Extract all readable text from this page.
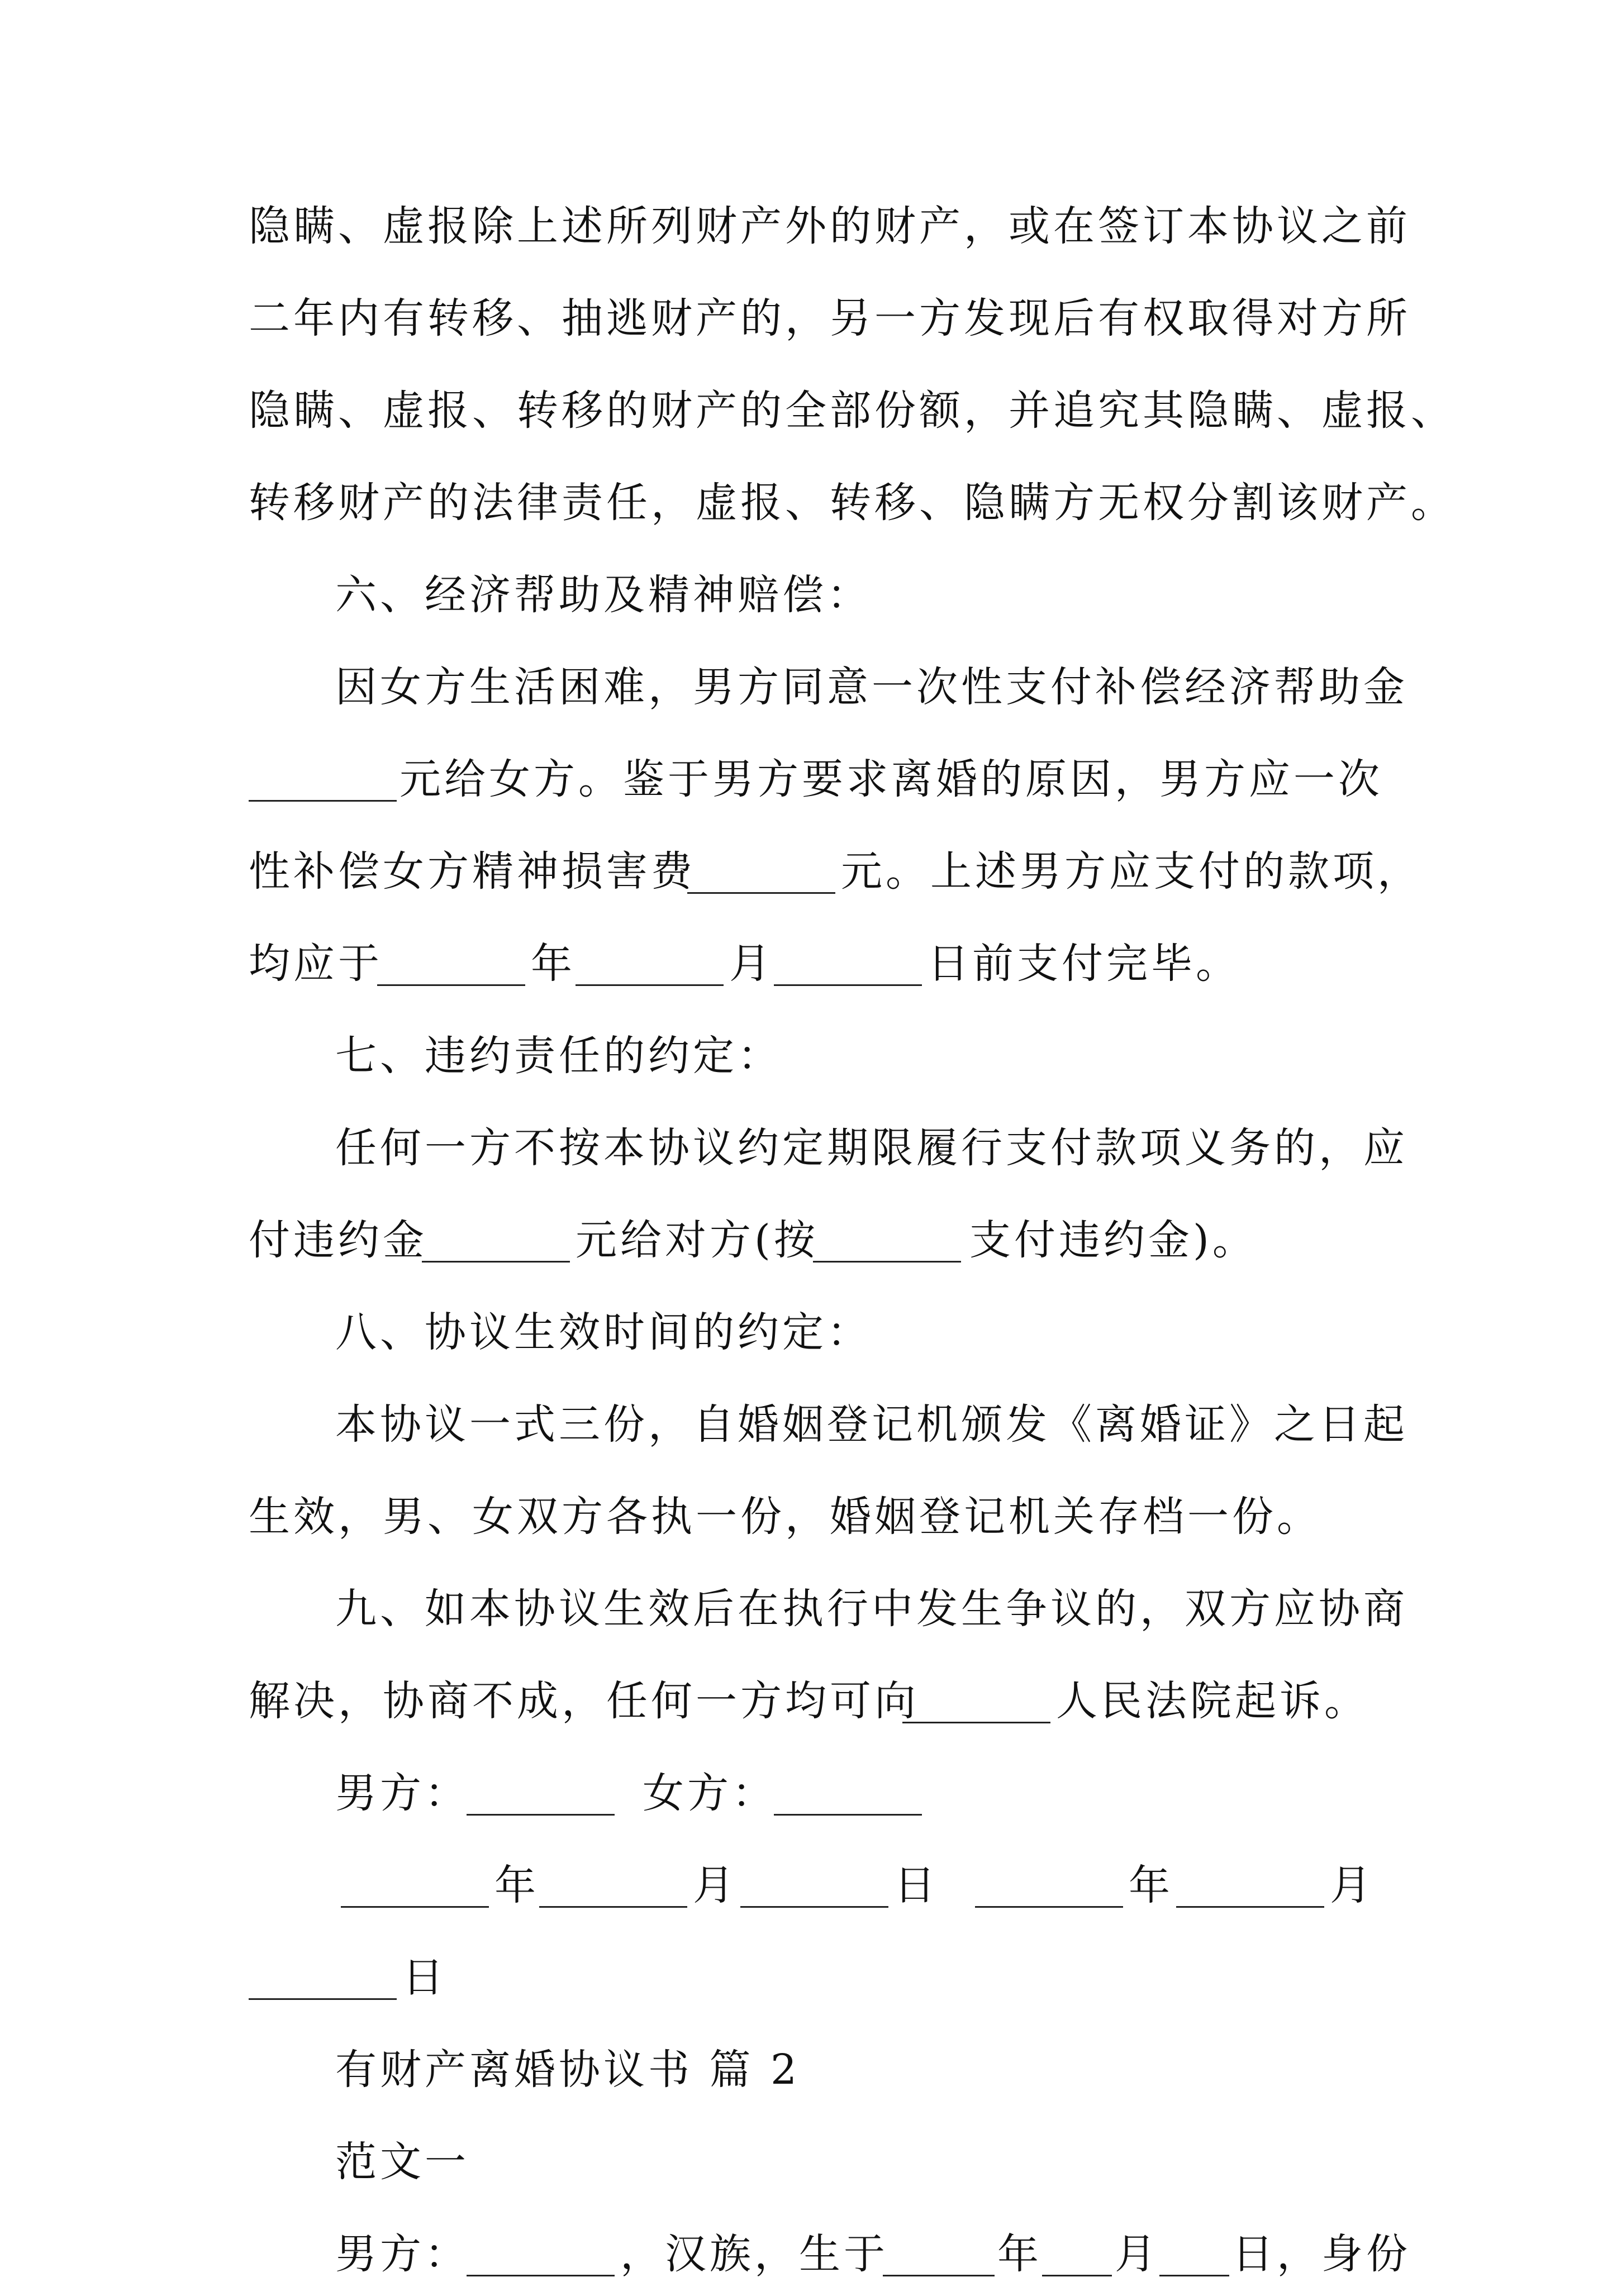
隐瞒、虚报除上述所列财产外的财产，或在签订本协议之前
二年内有转移、抽逃财产的，另一方发现后有权取得对方所
隐瞒、虚报、转移的财产的全部份额，并追究其隐瞒、虚报、
转移财产的法律责任，虚报、转移、隐瞒方无权分割该财产。
六、经济帮助及精神赔偿：
因女方生活困难，男方同意一次性支付补偿经济帮助金
元给女方。鉴于男方要求离婚的原因，男方应一次
性补偿女方精神损害费	元。上述男方应支付的款项，
均应于	年	月	日前支付完毕。
七、违约责任的约定：
任何一方不按本协议约定期限履行支付款项义务的，应
付违约金	元给对方(按	支付违约金)。
八、协议生效时间的约定：
本协议一式三份，自婚姻登记机颁发《离婚证》之日起
生效，男、女双方各执一份，婚姻登记机关存档一份。
九、如本协议生效后在执行中发生争议的，双方应协商
解决，协商不成，任何一方均可向	人民法院起诉。
男方：	女方：
年	月	日	年	月
日
有财产离婚协议书 篇 2
范文一
男方：	，汉族，生于	年 月 日，身份
